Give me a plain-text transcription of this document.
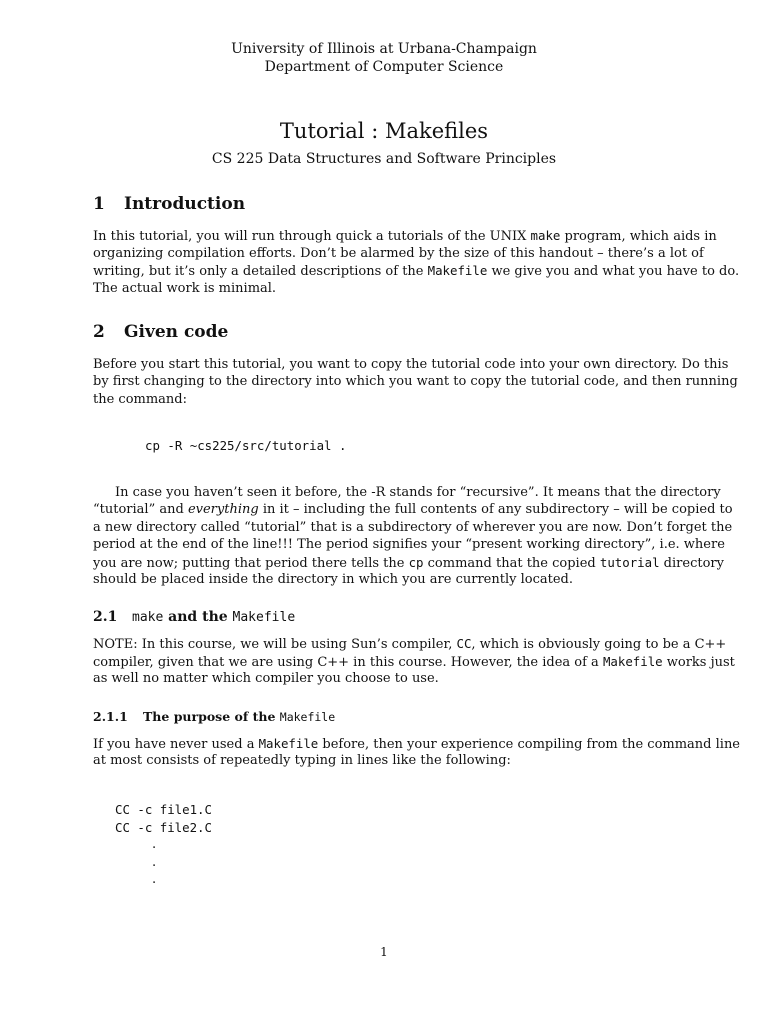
University of Illinois at Urbana-Champaign
Department of Computer Science
Tutorial : Makefiles
CS 225 Data Structures and Software Principles
1 Introduction
In this tutorial, you will run through quick a tutorials of the UNIX make program, which aids in
organizing compilation efforts. Don’t be alarmed by the size of this handout – there’s a lot of
writing, but it’s only a detailed descriptions of the Makefile we give you and what you have to do.
The actual work is minimal.
2 Given code
Before you start this tutorial, you want to copy the tutorial code into your own directory. Do this
by first changing to the directory into which you want to copy the tutorial code, and then running
the command:
cp -R ~cs225/src/tutorial .
In case you haven’t seen it before, the -R stands for “recursive”. It means that the directory
“tutorial” and everything in it – including the full contents of any subdirectory – will be copied to
a new directory called “tutorial” that is a subdirectory of wherever you are now. Don’t forget the
period at the end of the line!!! The period signifies your “present working directory”, i.e. where
you are now; putting that period there tells the cp command that the copied tutorial directory
should be placed inside the directory in which you are currently located.
2.1 make and the Makefile
NOTE: In this course, we will be using Sun’s compiler, CC, which is obviously going to be a C++
compiler, given that we are using C++ in this course. However, the idea of a Makefile works just
as well no matter which compiler you choose to use.
2.1.1 The purpose of the Makefile
If you have never used a Makefile before, then your experience compiling from the command line
at most consists of repeatedly typing in lines like the following:
CC -c file1.C
CC -c file2.C
.
.
.
1
